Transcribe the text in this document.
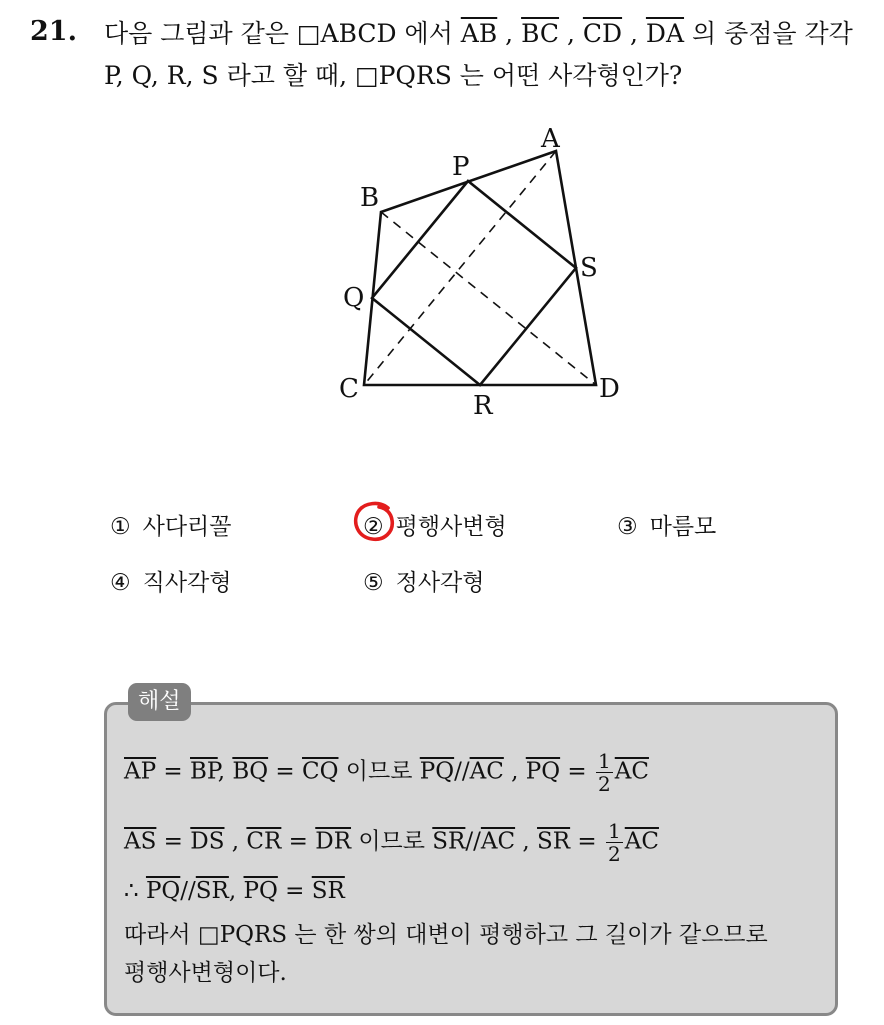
21. 다음 그림과 같은 □ABCD 에서 $\overline{AB}$ , $\overline{BC}$ , $\overline{CD}$ , $\overline{DA}$ 의 중점을 각각
P, Q, R, S 라고 할 때, □PQRS 는 어떤 사각형인가?
A
B
C	D
P
Q
R
S
① 사다리꼴	② 평행사변형	③ 마름모
④ 직사각형	⑤ 정사각형
해설
$\overline{AP} = \overline{BP}$, $\overline{BQ} = \overline{CQ}$ 이므로 $\overline{PQ}//\overline{AC}$ , $\overline{PQ} = \frac{1}{2} \overline{AC}$
$\overline{AS} = \overline{DS}$ , $\overline{CR} = \overline{DR}$ 이므로 $\overline{SR}//\overline{AC}$ , $\overline{SR} = \frac{1}{2} \overline{AC}$
∴ $\overline{PQ}//\overline{SR}$, $\overline{PQ} = \overline{SR}$
따라서 □PQRS 는 한 쌍의 대변이 평행하고 그 길이가 같으므로
평행사변형이다.
